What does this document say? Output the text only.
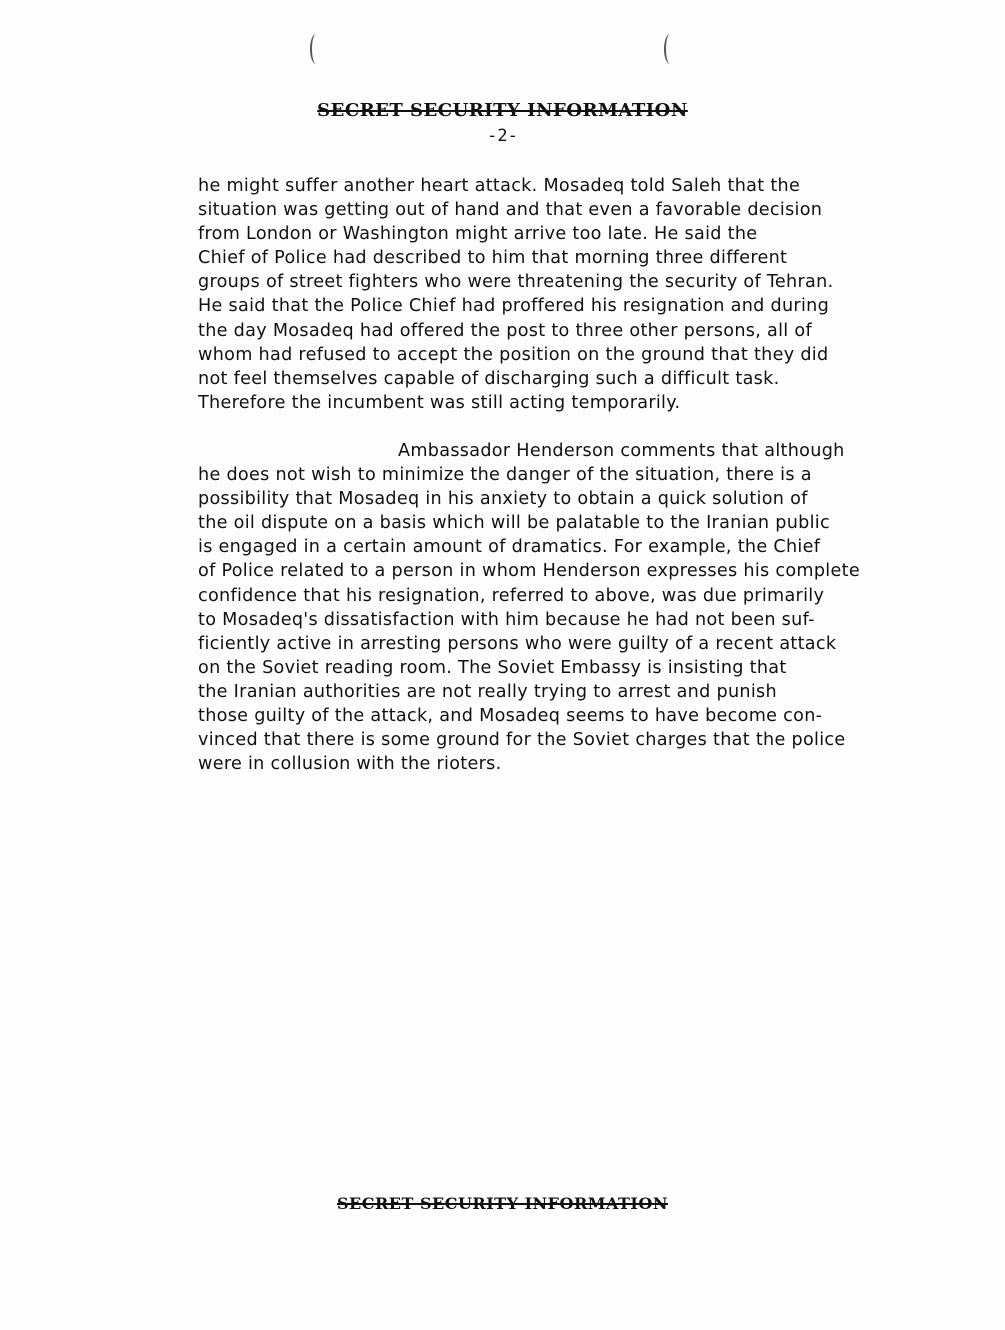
SECRET SECURITY INFORMATION
-2-

he might suffer another heart attack. Mosadeq told Saleh that the

situation was getting out of hand and that even a favorable decision

from London or Washington might arrive too late. He said the

Chief of Police had described to him that morning three different

groups of street fighters who were threatening the security of Tehran.

He said that the Police Chief had proffered his resignation and during

the day Mosadeq had offered the post to three other persons, all of

whom had refused to accept the position on the ground that they did

not feel themselves capable of discharging such a difficult task.

Therefore the incumbent was still acting temporarily.

Ambassador Henderson comments that although

he does not wish to minimize the danger of the situation, there is a

possibility that Mosadeq in his anxiety to obtain a quick solution of

the oil dispute on a basis which will be palatable to the Iranian public

is engaged in a certain amount of dramatics. For example, the Chief

of Police related to a person in whom Henderson expresses his complete

confidence that his resignation, referred to above, was due primarily

to Mosadeq's dissatisfaction with him because he had not been suf-

ficiently active in arresting persons who were guilty of a recent attack

on the Soviet reading room. The Soviet Embassy is insisting that

the Iranian authorities are not really trying to arrest and punish

those guilty of the attack, and Mosadeq seems to have become con-

vinced that there is some ground for the Soviet charges that the police

were in collusion with the rioters.

SECRET SECURITY INFORMATION
